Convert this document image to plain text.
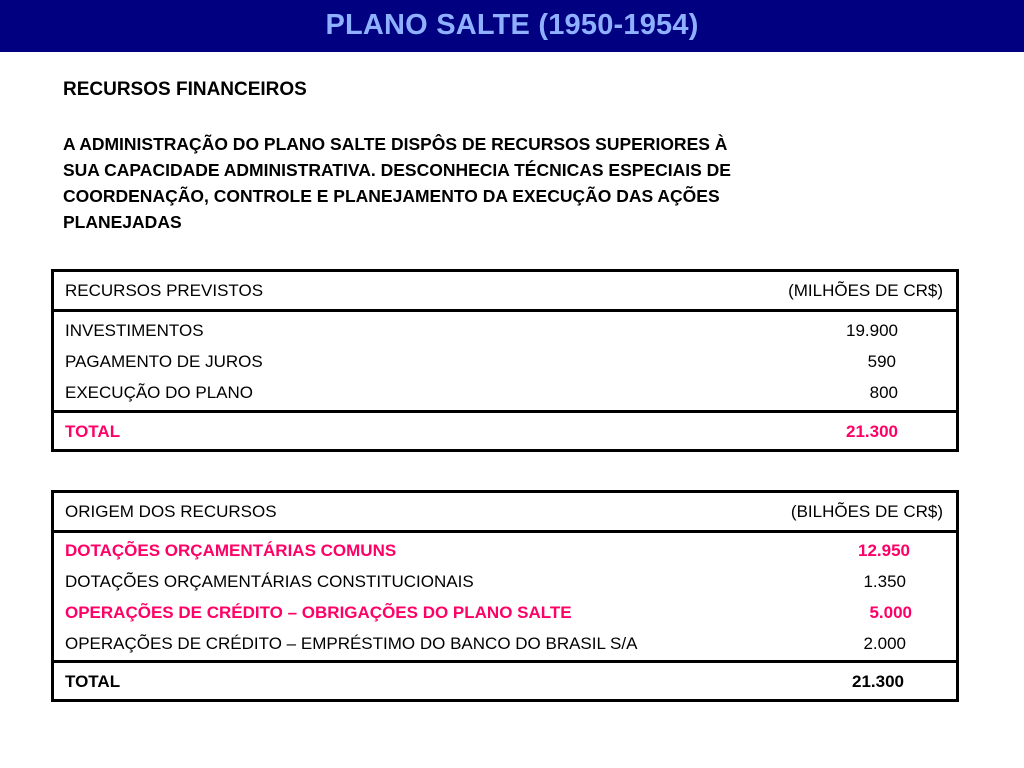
PLANO SALTE (1950-1954)
RECURSOS FINANCEIROS

A ADMINISTRAÇÃO DO PLANO SALTE DISPÔS DE RECURSOS SUPERIORES À
SUA CAPACIDADE ADMINISTRATIVA. DESCONHECIA TÉCNICAS ESPECIAIS DE
COORDENAÇÃO, CONTROLE E PLANEJAMENTO DA EXECUÇÃO DAS AÇÕES
PLANEJADAS

RECURSOS PREVISTOS	(MILHÕES DE CR$)
INVESTIMENTOS	19.900
PAGAMENTO DE JUROS	590
EXECUÇÃO DO PLANO	800
TOTAL	21.300
ORIGEM DOS RECURSOS	(BILHÕES DE CR$)
DOTAÇÕES ORÇAMENTÁRIAS COMUNS	12.950
DOTAÇÕES ORÇAMENTÁRIAS CONSTITUCIONAIS	1.350
OPERAÇÕES DE CRÉDITO – OBRIGAÇÕES DO PLANO SALTE	5.000
OPERAÇÕES DE CRÉDITO – EMPRÉSTIMO DO BANCO DO BRASIL S/A	2.000
TOTAL	21.300
